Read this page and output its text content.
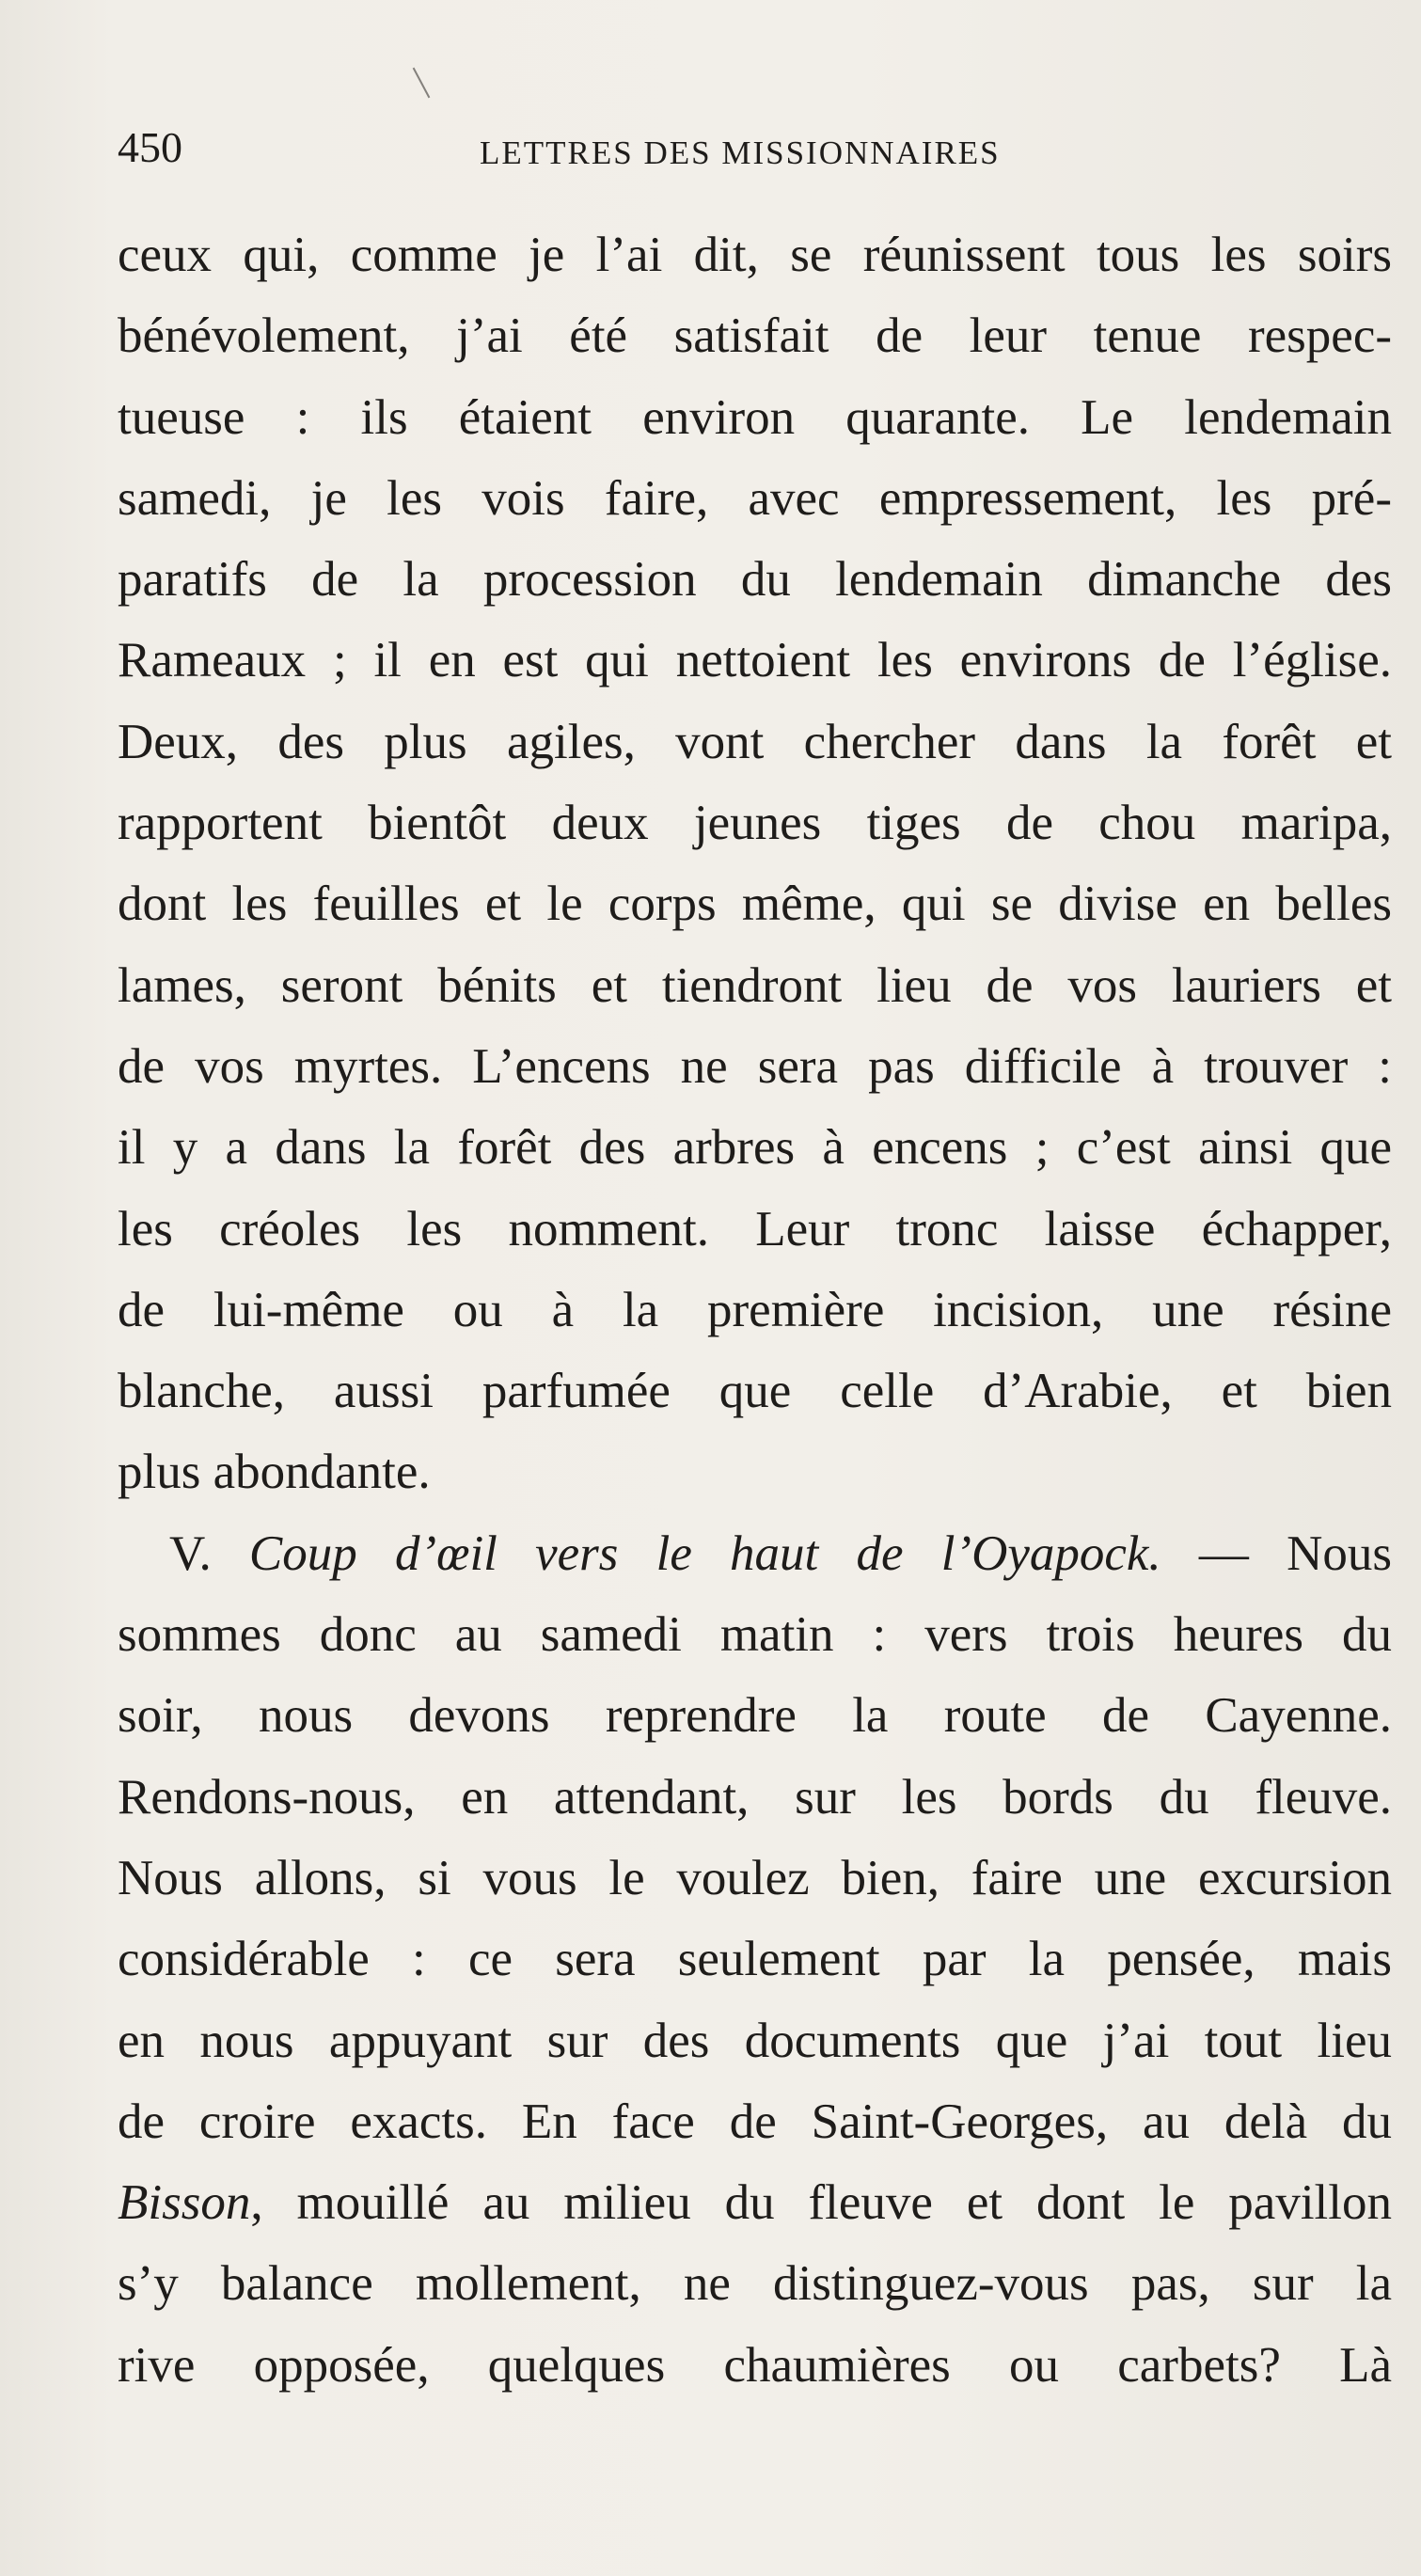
450	LETTRES DES MISSIONNAIRES
ceux qui, comme je l’ai dit, se réunissent tous les soirs
bénévolement, j’ai été satisfait de leur tenue respec-
tueuse : ils étaient environ quarante. Le lendemain
samedi, je les vois faire, avec empressement, les pré-
paratifs de la procession du lendemain dimanche des
Rameaux ; il en est qui nettoient les environs de l’église.
Deux, des plus agiles, vont chercher dans la forêt et
rapportent bientôt deux jeunes tiges de chou maripa,
dont les feuilles et le corps même, qui se divise en belles
lames, seront bénits et tiendront lieu de vos lauriers et
de vos myrtes. L’encens ne sera pas difficile à trouver :
il y a dans la forêt des arbres à encens ; c’est ainsi que
les créoles les nomment. Leur tronc laisse échapper,
de lui-même ou à la première incision, une résine
blanche, aussi parfumée que celle d’Arabie, et bien
plus abondante.
V. Coup d’œil vers le haut de l’Oyapock. — Nous
sommes donc au samedi matin : vers trois heures du
soir, nous devons reprendre la route de Cayenne.
Rendons-nous, en attendant, sur les bords du fleuve.
Nous allons, si vous le voulez bien, faire une excursion
considérable : ce sera seulement par la pensée, mais
en nous appuyant sur des documents que j’ai tout lieu
de croire exacts. En face de Saint-Georges, au delà du
Bisson, mouillé au milieu du fleuve et dont le pavillon
s’y balance mollement, ne distinguez-vous pas, sur la
rive opposée, quelques chaumières ou carbets? Là
